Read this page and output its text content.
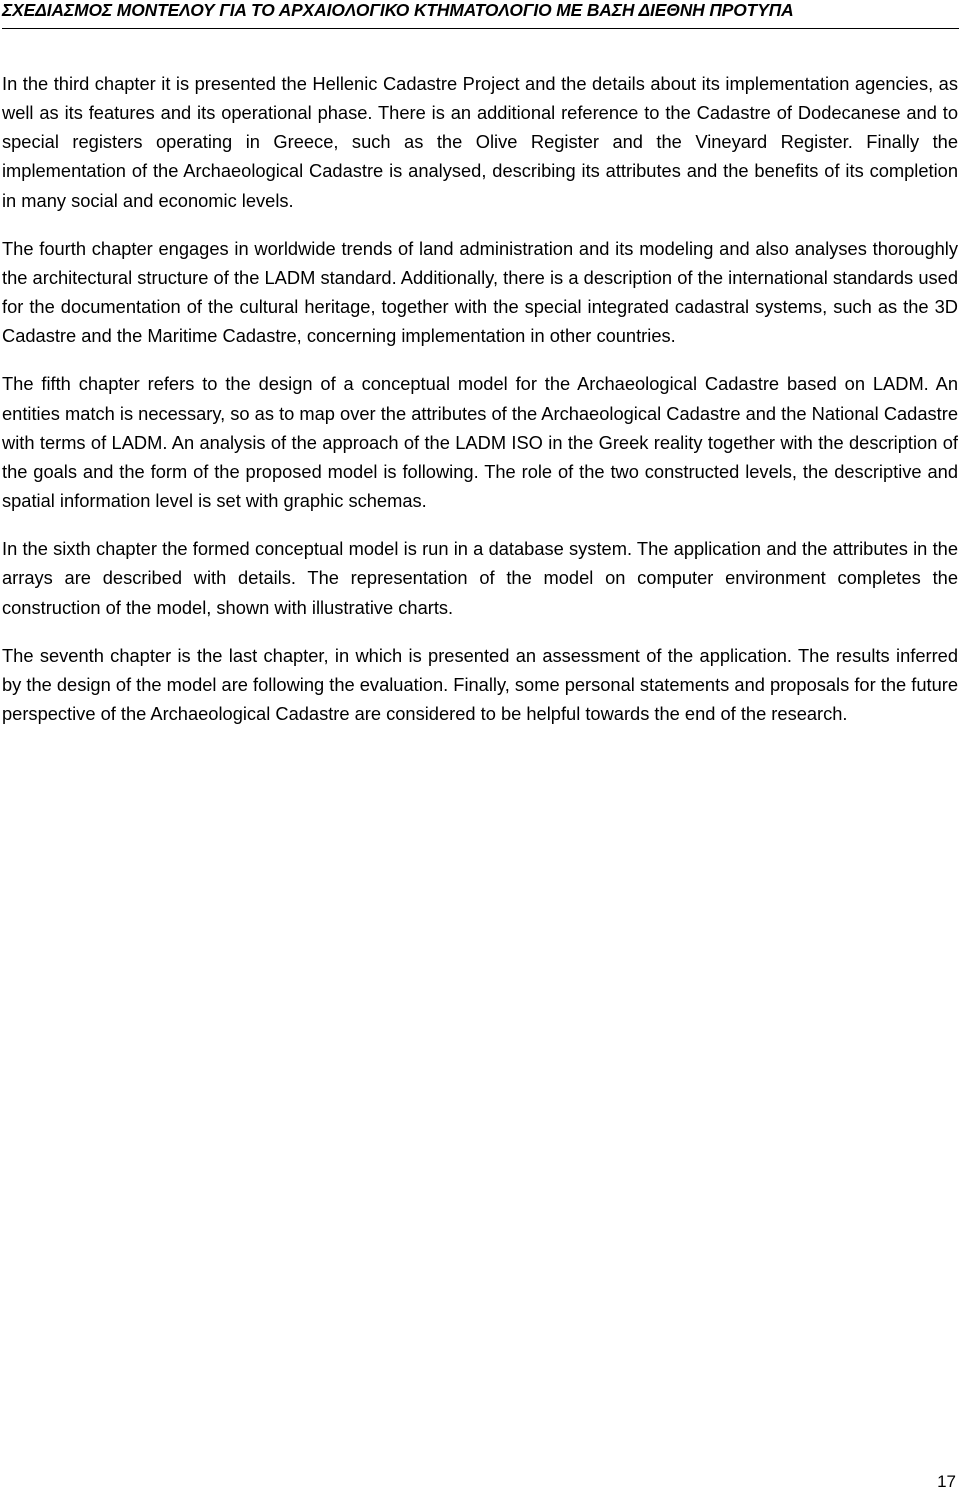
ΣΧΕΔΙΑΣΜΟΣ ΜΟΝΤΕΛΟΥ ΓΙΑ ΤΟ ΑΡΧΑΙΟΛΟΓΙΚΟ ΚΤΗΜΑΤΟΛΟΓΙΟ ΜΕ ΒΑΣΗ ΔΙΕΘΝΗ ΠΡΟΤΥΠΑ

In the third chapter it is presented the Hellenic Cadastre Project and the details about its implementation agencies, as well as its features and its operational phase. There is an additional reference to the Cadastre of Dodecanese and to special registers operating in Greece, such as the Olive Register and the Vineyard Register. Finally the implementation of the Archaeological Cadastre is analysed, describing its attributes and the benefits of its completion in many social and economic levels.

The fourth chapter engages in worldwide trends of land administration and its modeling and also analyses thoroughly the architectural structure of the LADM standard. Additionally, there is a description of the international standards used for the documentation of the cultural heritage, together with the special integrated cadastral systems, such as the 3D Cadastre and the Maritime Cadastre, concerning implementation in other countries.

The fifth chapter refers to the design of a conceptual model for the Archaeological Cadastre based on LADM. An entities match is necessary, so as to map over the attributes of the Archaeological Cadastre and the National Cadastre with terms of LADM. An analysis of the approach of the LADM ISO in the Greek reality together with the description of the goals and the form of the proposed model is following. The role of the two constructed levels, the descriptive and spatial information level is set with graphic schemas.

In the sixth chapter the formed conceptual model is run in a database system. The application and the attributes in the arrays are described with details. The representation of the model on computer environment completes the construction of the model, shown with illustrative charts.

The seventh chapter is the last chapter, in which is presented an assessment of the application. The results inferred by the design of the model are following the evaluation. Finally, some personal statements and proposals for the future perspective of the Archaeological Cadastre are considered to be helpful towards the end of the research.

17
